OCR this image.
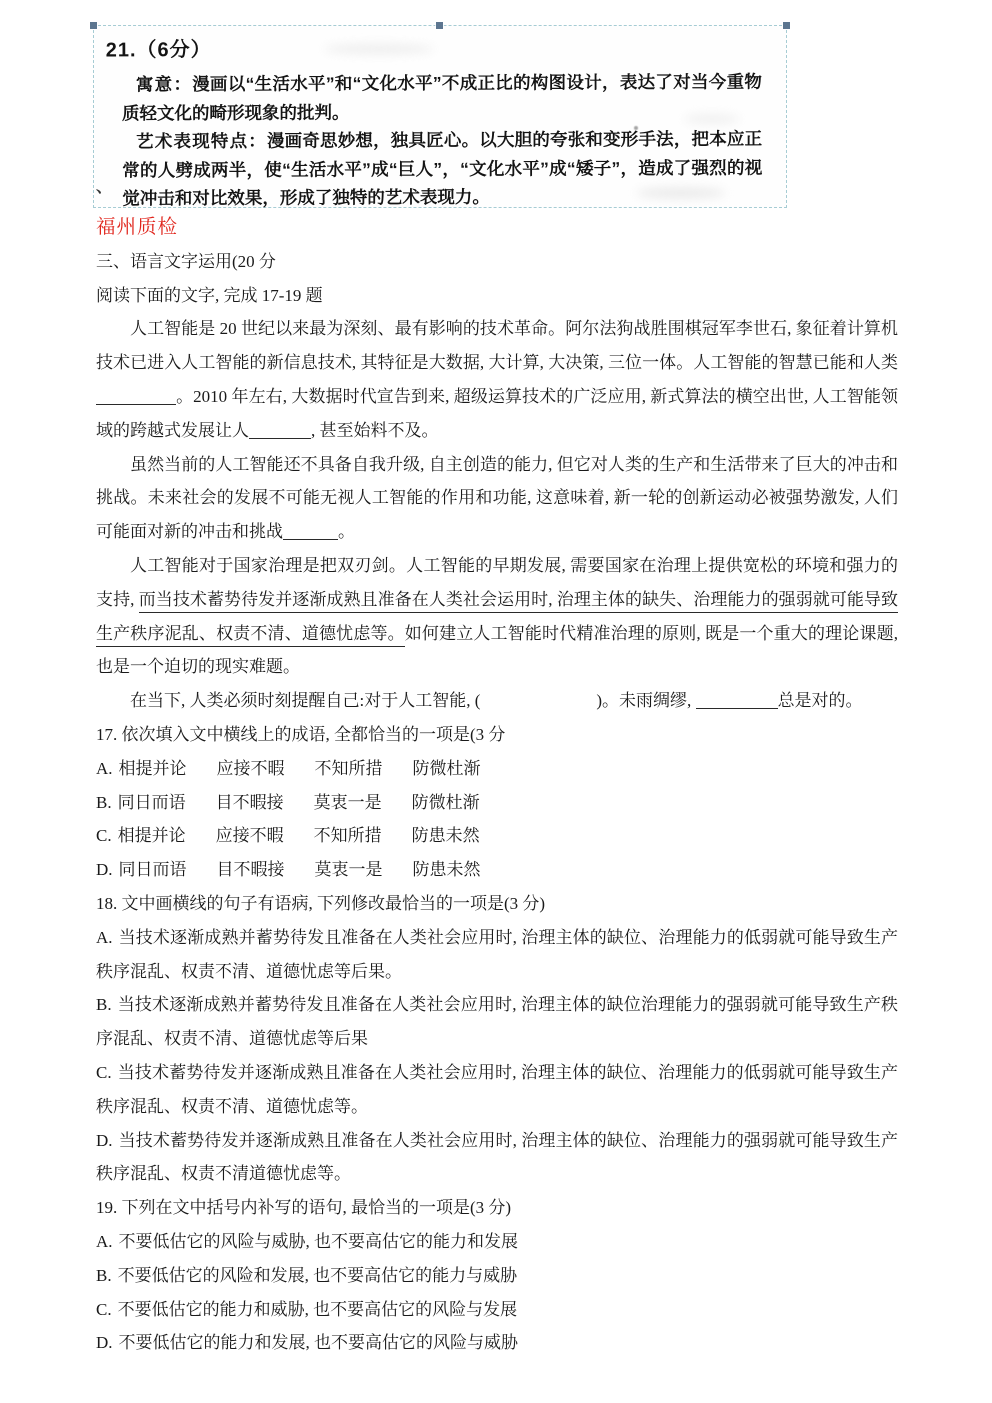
、
21.（6分）

寓意：漫画以“生活水平”和“文化水平”不成正比的构图设计，表达了对当今重物质轻文化的畸形现象的批判。

艺术表现特点：漫画奇思妙想，独具匠心。以大胆的夸张和变形手法，把本应正常的人劈成两半，使“生活水平”成“巨人”，“文化水平”成“矮子”，造成了强烈的视觉冲击和对比效果，形成了独特的艺术表现力。

福州质检
三、语言文字运用(20 分
阅读下面的文字, 完成 17-19 题
人工智能是 20 世纪以来最为深刻、最有影响的技术革命。阿尔法狗战胜围棋冠军李世石, 象征着计算机技术已进入人工智能的新信息技术, 其特征是大数据, 大计算, 大决策, 三位一体。人工智能的智慧已能和人类。2010 年左右, 大数据时代宣告到来, 超级运算技术的广泛应用, 新式算法的横空出世, 人工智能领域的跨越式发展让人	, 甚至始料不及。
虽然当前的人工智能还不具备自我升级, 自主创造的能力, 但它对人类的生产和生活带来了巨大的冲击和挑战。未来社会的发展不可能无视人工智能的作用和功能, 这意味着, 新一轮的创新运动必被强势激发, 人们可能面对新的冲击和挑战	。
人工智能对于国家治理是把双刃剑。人工智能的早期发展, 需要国家在治理上提供宽松的环境和强力的支持, 而当技术蓄势待发并逐渐成熟且准备在人类社会运用时, 治理主体的缺失、治理能力的强弱就可能导致生产秩序泥乱、权责不清、道德忧虑等。如何建立人工智能时代精准治理的原则, 既是一个重大的理论课题, 也是一个迫切的现实难题。
在当下, 人类必须时刻提醒自己:对于人工智能, (	)。未雨绸缪,	总是对的。
17. 依次填入文中横线上的成语, 全都恰当的一项是(3 分
A. 相提并论 应接不暇 不知所措 防微杜渐
B. 同日而语 目不暇接 莫衷一是 防微杜渐
C. 相提并论 应接不暇 不知所措 防患未然
D. 同日而语 目不暇接 莫衷一是 防患未然
18. 文中画横线的句子有语病, 下列修改最恰当的一项是(3 分)
A. 当技术逐渐成熟并蓄势待发且准备在人类社会应用时, 治理主体的缺位、治理能力的低弱就可能导致生产秩序混乱、权责不清、道德忧虑等后果。
B. 当技术逐渐成熟并蓄势待发且准备在人类社会应用时, 治理主体的缺位治理能力的强弱就可能导致生产秩序混乱、权责不清、道德忧虑等后果
C. 当技术蓄势待发并逐渐成熟且准备在人类社会应用时, 治理主体的缺位、治理能力的低弱就可能导致生产秩序混乱、权责不清、道德忧虑等。
D. 当技术蓄势待发并逐渐成熟且准备在人类社会应用时, 治理主体的缺位、治理能力的强弱就可能导致生产秩序混乱、权责不清道德忧虑等。
19. 下列在文中括号内补写的语句, 最恰当的一项是(3 分)
A. 不要低估它的风险与威胁, 也不要高估它的能力和发展
B. 不要低估它的风险和发展, 也不要高估它的能力与威胁
C. 不要低估它的能力和威胁, 也不要高估它的风险与发展
D. 不要低估它的能力和发展, 也不要高估它的风险与威胁
